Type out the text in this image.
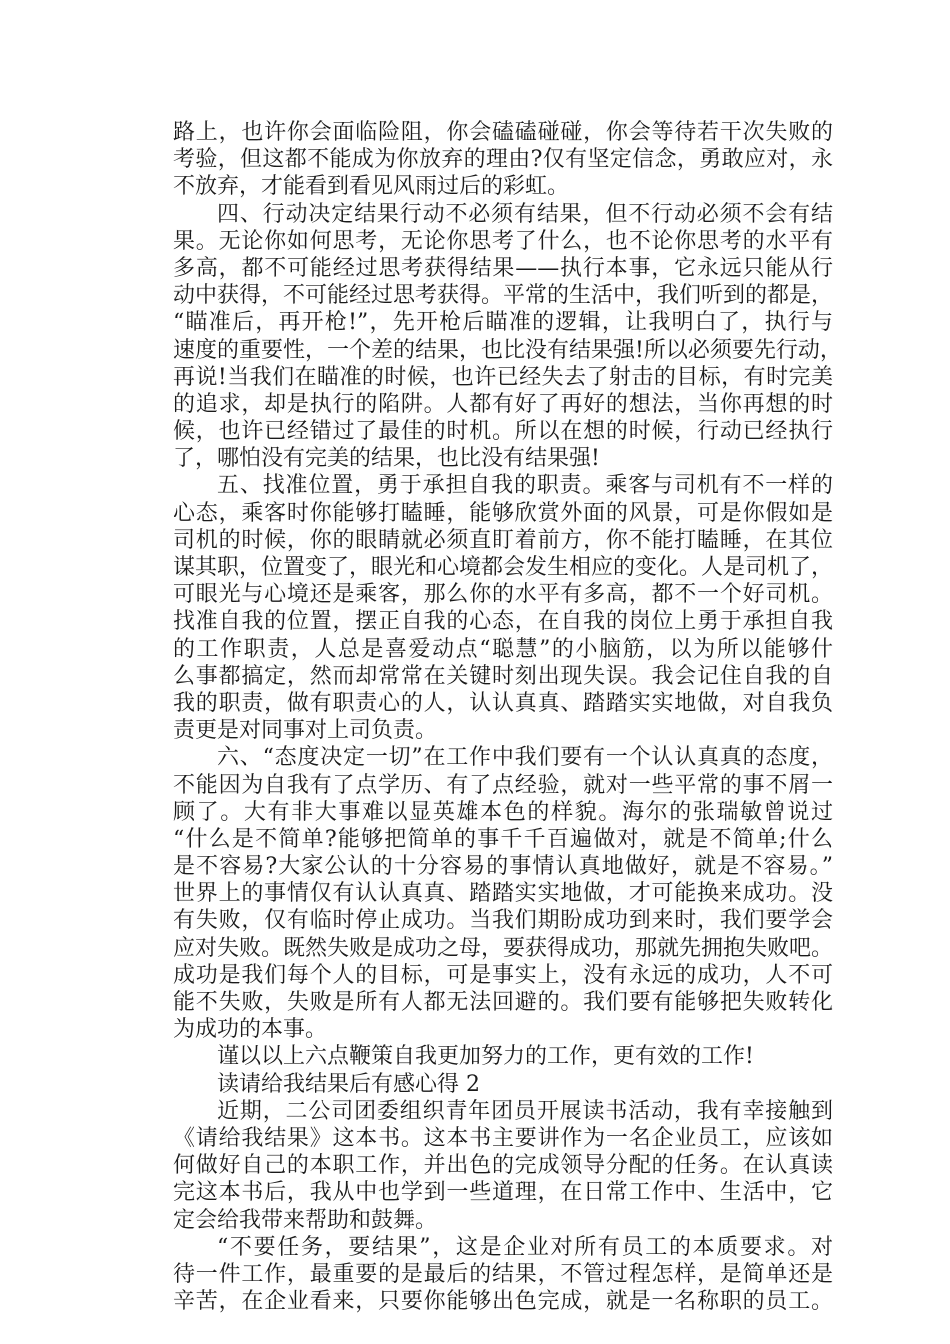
路上，也许你会面临险阻，你会磕磕碰碰，你会等待若干次失败的
考验，但这都不能成为你放弃的理由?仅有坚定信念，勇敢应对，永
不放弃，才能看到看见风雨过后的彩虹。
四、行动决定结果行动不必须有结果，但不行动必须不会有结
果。无论你如何思考，无论你思考了什么，也不论你思考的水平有
多高，都不可能经过思考获得结果——执行本事，它永远只能从行
动中获得，不可能经过思考获得。平常的生活中，我们听到的都是，
“瞄准后，再开枪!”，先开枪后瞄准的逻辑，让我明白了，执行与
速度的重要性，一个差的结果，也比没有结果强!所以必须要先行动，
再说!当我们在瞄准的时候，也许已经失去了射击的目标，有时完美
的追求，却是执行的陷阱。人都有好了再好的想法，当你再想的时
候，也许已经错过了最佳的时机。所以在想的时候，行动已经执行
了，哪怕没有完美的结果，也比没有结果强!
五、找准位置，勇于承担自我的职责。乘客与司机有不一样的
心态，乘客时你能够打瞌睡，能够欣赏外面的风景，可是你假如是
司机的时候，你的眼睛就必须直盯着前方，你不能打瞌睡，在其位
谋其职，位置变了，眼光和心境都会发生相应的变化。人是司机了，
可眼光与心境还是乘客，那么你的水平有多高，都不一个好司机。
找准自我的位置，摆正自我的心态，在自我的岗位上勇于承担自我
的工作职责，人总是喜爱动点“聪慧”的小脑筋，以为所以能够什
么事都搞定，然而却常常在关键时刻出现失误。我会记住自我的自
我的职责，做有职责心的人，认认真真、踏踏实实地做，对自我负
责更是对同事对上司负责。
六、“态度决定一切”在工作中我们要有一个认认真真的态度，
不能因为自我有了点学历、有了点经验，就对一些平常的事不屑一
顾了。大有非大事难以显英雄本色的样貌。海尔的张瑞敏曾说过
“什么是不简单?能够把简单的事千千百遍做对，就是不简单;什么
是不容易?大家公认的十分容易的事情认真地做好，就是不容易。”
世界上的事情仅有认认真真、踏踏实实地做，才可能换来成功。没
有失败，仅有临时停止成功。当我们期盼成功到来时，我们要学会
应对失败。既然失败是成功之母，要获得成功，那就先拥抱失败吧。
成功是我们每个人的目标，可是事实上，没有永远的成功，人不可
能不失败，失败是所有人都无法回避的。我们要有能够把失败转化
为成功的本事。
谨以以上六点鞭策自我更加努力的工作，更有效的工作!
读请给我结果后有感心得 2
近期，二公司团委组织青年团员开展读书活动，我有幸接触到
《请给我结果》这本书。这本书主要讲作为一名企业员工，应该如
何做好自己的本职工作，并出色的完成领导分配的任务。在认真读
完这本书后，我从中也学到一些道理，在日常工作中、生活中，它
定会给我带来帮助和鼓舞。
“不要任务，要结果”，这是企业对所有员工的本质要求。对
待一件工作，最重要的是最后的结果，不管过程怎样，是简单还是
辛苦，在企业看来，只要你能够出色完成，就是一名称职的员工。
